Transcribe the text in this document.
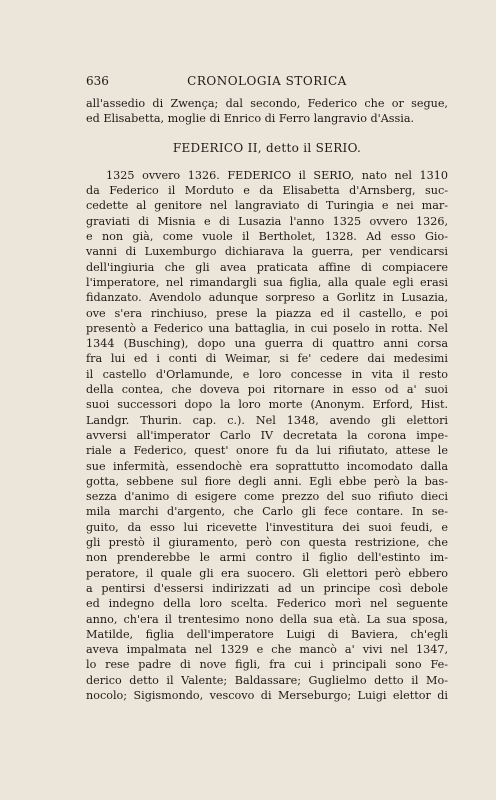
636	CRONOLOGIA STORICA
all'assedio di Zwença; dal secondo, Federico che or segue,
ed Elisabetta, moglie di Enrico di Ferro langravio d'Assia.
FEDERICO II, detto il SERIO.
1325 ovvero 1326. FEDERICO il SERIO, nato nel 1310
da Federico il Morduto e da Elisabetta d'Arnsberg, suc-
cedette al genitore nel langraviato di Turingia e nei mar-
graviati di Misnia e di Lusazia l'anno 1325 ovvero 1326,
e non già, come vuole il Bertholet, 1328. Ad esso Gio-
vanni di Luxemburgo dichiarava la guerra, per vendicarsi
dell'ingiuria che gli avea praticata affine di compiacere
l'imperatore, nel rimandargli sua figlia, alla quale egli erasi
fidanzato. Avendolo adunque sorpreso a Gorlitz in Lusazia,
ove s'era rinchiuso, prese la piazza ed il castello, e poi
presentò a Federico una battaglia, in cui poselo in rotta. Nel
1344 (Busching), dopo una guerra di quattro anni corsa
fra lui ed i conti di Weimar, si fe' cedere dai medesimi
il castello d'Orlamunde, e loro concesse in vita il resto
della contea, che doveva poi ritornare in esso od a' suoi
suoi successori dopo la loro morte (Anonym. Erford, Hist.
Landgr. Thurin. cap. c.). Nel 1348, avendo gli elettori
avversi all'imperator Carlo IV decretata la corona impe-
riale a Federico, quest' onore fu da lui rifiutato, attese le
sue infermità, essendochè era soprattutto incomodato dalla
gotta, sebbene sul fiore degli anni. Egli ebbe però la bas-
sezza d'animo di esigere come prezzo del suo rifiuto dieci
mila marchi d'argento, che Carlo gli fece contare. In se-
guito, da esso lui ricevette l'investitura dei suoi feudi, e
gli prestò il giuramento, però con questa restrizione, che
non prenderebbe le armi contro il figlio dell'estinto im-
peratore, il quale gli era suocero. Gli elettori però ebbero
a pentirsi d'essersi indirizzati ad un principe così debole
ed indegno della loro scelta. Federico morì nel seguente
anno, ch'era il trentesimo nono della sua età. La sua sposa,
Matilde, figlia dell'imperatore Luigi di Baviera, ch'egli
aveva impalmata nel 1329 e che mancò a' vivi nel 1347,
lo rese padre di nove figli, fra cui i principali sono Fe-
derico detto il Valente; Baldassare; Guglielmo detto il Mo-
nocolo; Sigismondo, vescovo di Merseburgo; Luigi elettor di
